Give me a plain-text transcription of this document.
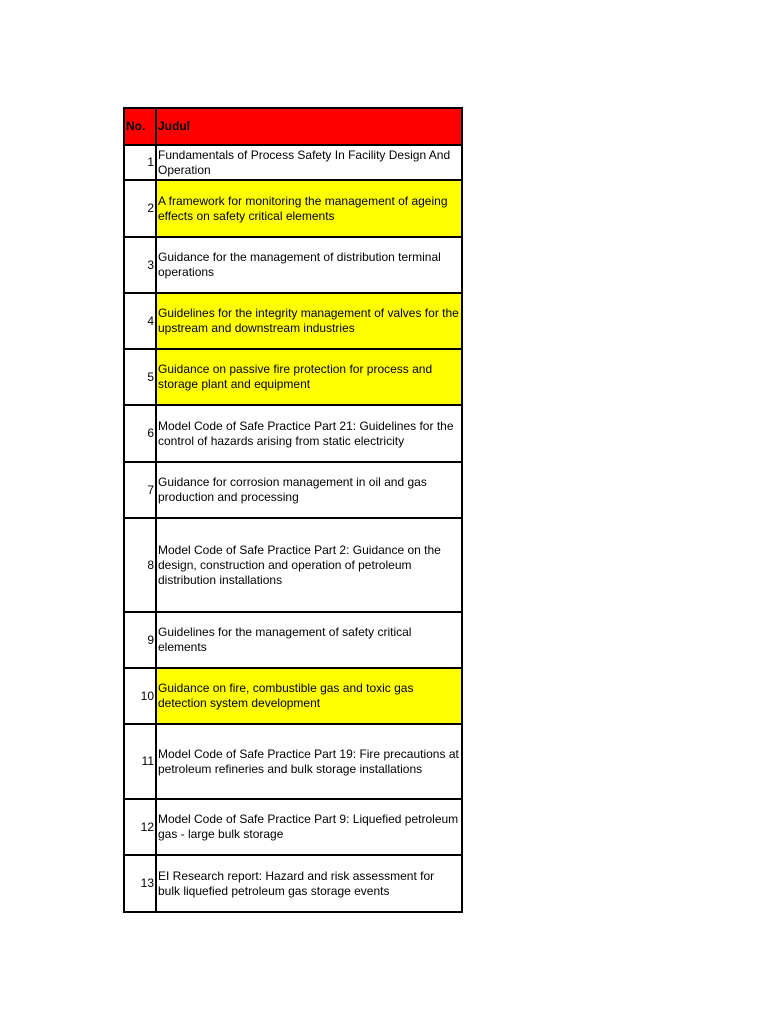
No.	Judul
1	Fundamentals of Process Safety In Facility Design And Operation
2	A framework for monitoring the management of ageing effects on safety critical elements
3	Guidance for the management of distribution terminal operations
4	Guidelines for the integrity management of valves for the upstream and downstream industries
5	Guidance on passive fire protection for process and storage plant and equipment
6	Model Code of Safe Practice Part 21: Guidelines for the control of hazards arising from static electricity
7	Guidance for corrosion management in oil and gas production and processing
8	Model Code of Safe Practice Part 2: Guidance on the design, construction and operation of petroleum distribution installations
9	Guidelines for the management of safety critical elements
10	Guidance on fire, combustible gas and toxic gas detection system development
11	Model Code of Safe Practice Part 19: Fire precautions at petroleum refineries and bulk storage installations
12	Model Code of Safe Practice Part 9: Liquefied petroleum gas - large bulk storage
13	EI Research report: Hazard and risk assessment for bulk liquefied petroleum gas storage events
